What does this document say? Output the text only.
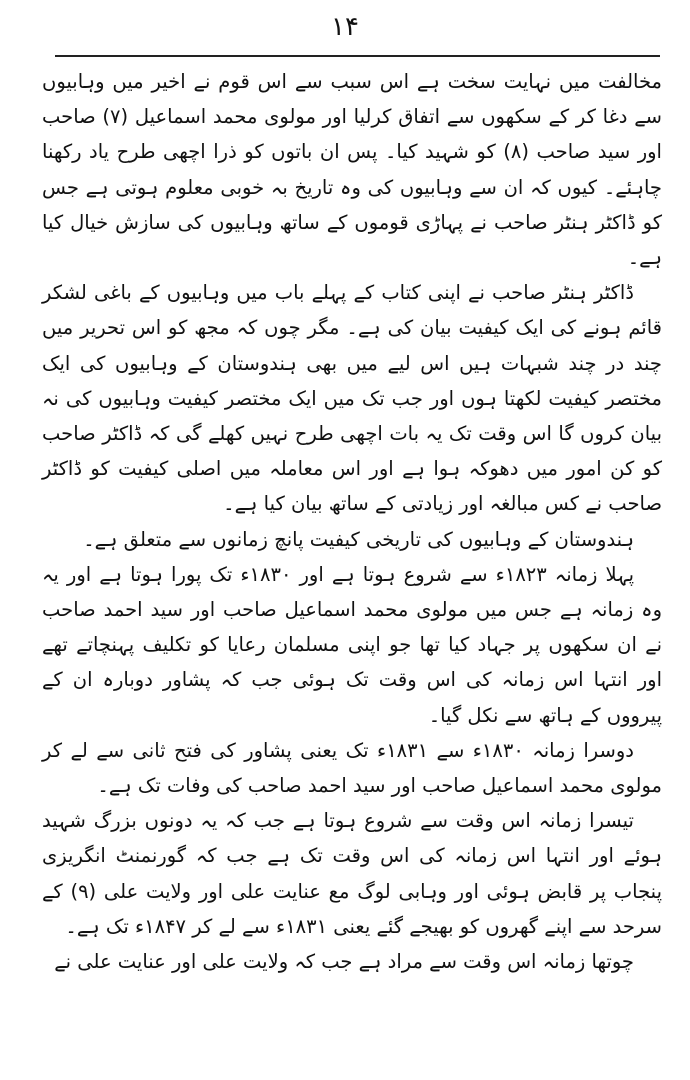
۱۴

مخالفت میں نہایت سخت ہے اس سبب سے اس قوم نے اخیر میں وہابیوں سے دغا کر کے سکھوں سے اتفاق کرلیا اور مولوی محمد اسماعیل (۷) صاحب اور سید صاحب (۸) کو شہید کیا۔ پس ان باتوں کو ذرا اچھی طرح یاد رکھنا چاہئے۔ کیوں کہ ان سے وہابیوں کی وہ تاریخ بہ خوبی معلوم ہوتی ہے جس کو ڈاکٹر ہنٹر صاحب نے پہاڑی قوموں کے ساتھ وہابیوں کی سازش خیال کیا ہے۔

ڈاکٹر ہنٹر صاحب نے اپنی کتاب کے پہلے باب میں وہابیوں کے باغی لشکر قائم ہونے کی ایک کیفیت بیان کی ہے۔ مگر چوں کہ مجھ کو اس تحریر میں چند در چند شبہات ہیں اس لیے میں بھی ہندوستان کے وہابیوں کی ایک مختصر کیفیت لکھتا ہوں اور جب تک میں ایک مختصر کیفیت وہابیوں کی نہ بیان کروں گا اس وقت تک یہ بات اچھی طرح نہیں کھلے گی کہ ڈاکٹر صاحب کو کن امور میں دھوکہ ہوا ہے اور اس معاملہ میں اصلی کیفیت کو ڈاکٹر صاحب نے کس مبالغہ اور زیادتی کے ساتھ بیان کیا ہے۔

ہندوستان کے وہابیوں کی تاریخی کیفیت پانچ زمانوں سے متعلق ہے۔

پہلا زمانہ ۱۸۲۳ء سے شروع ہوتا ہے اور ۱۸۳۰ء تک پورا ہوتا ہے اور یہ وہ زمانہ ہے جس میں مولوی محمد اسماعیل صاحب اور سید احمد صاحب نے ان سکھوں پر جہاد کیا تھا جو اپنی مسلمان رعایا کو تکلیف پہنچاتے تھے اور انتہا اس زمانہ کی اس وقت تک ہوئی جب کہ پشاور دوبارہ ان کے پیرووں کے ہاتھ سے نکل گیا۔

دوسرا زمانہ ۱۸۳۰ء سے ۱۸۳۱ء تک یعنی پشاور کی فتح ثانی سے لے کر مولوی محمد اسماعیل صاحب اور سید احمد صاحب کی وفات تک ہے۔

تیسرا زمانہ اس وقت سے شروع ہوتا ہے جب کہ یہ دونوں بزرگ شہید ہوئے اور انتہا اس زمانہ کی اس وقت تک ہے جب کہ گورنمنٹ انگریزی پنجاب پر قابض ہوئی اور وہابی لوگ مع عنایت علی اور ولایت علی (۹) کے سرحد سے اپنے گھروں کو بھیجے گئے یعنی ۱۸۳۱ء سے لے کر ۱۸۴۷ء تک ہے۔

چوتھا زمانہ اس وقت سے مراد ہے جب کہ ولایت علی اور عنایت علی نے
